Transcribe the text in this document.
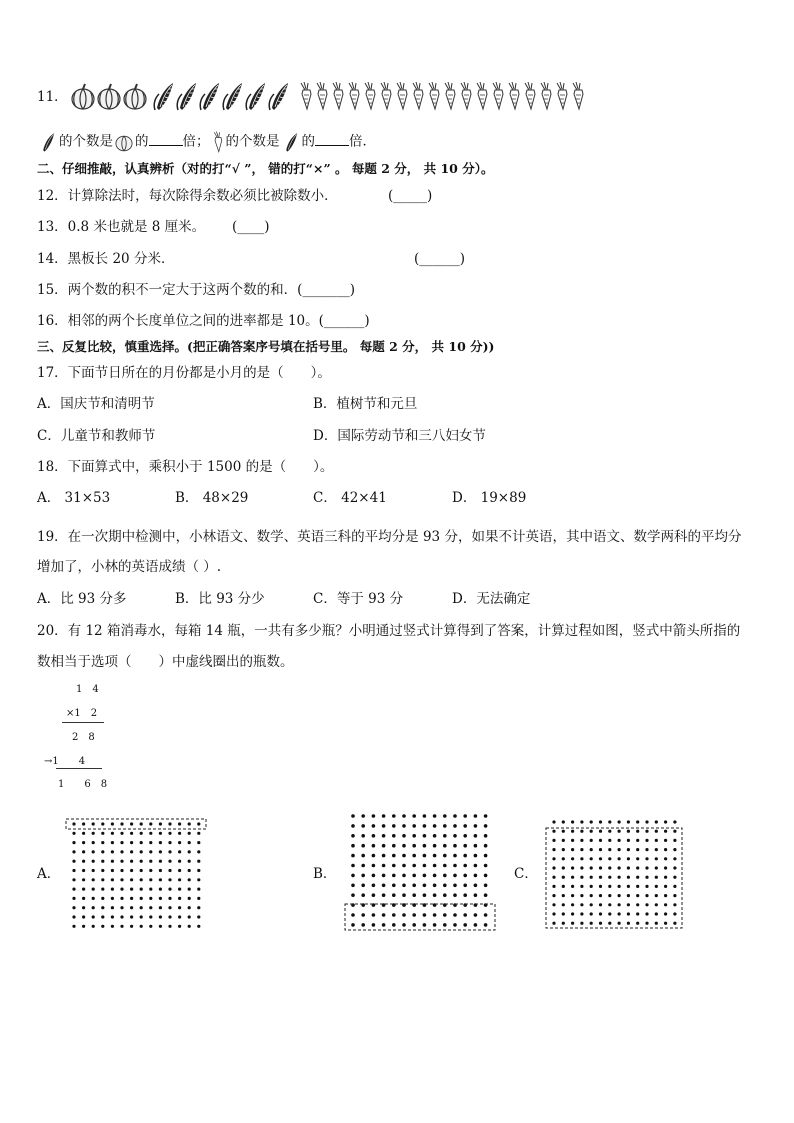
11．

的个数是 的	倍； 的个数是 的	倍．
二、仔细推敲，认真辨析（对的打“√ ”， 错的打“×” 。 每题 2 分， 共 10 分）。
12．计算除法时，每次除得余数必须比被除数小．	(_____)
13．0.8 米也就是 8 厘米。 (____)
14．黑板长 20 分米．	(______)
15．两个数的积不一定大于这两个数的和．(_______)
16．相邻的两个长度单位之间的进率都是 10。(______)
三、反复比较，慎重选择。(把正确答案序号填在括号里。 每题 2 分， 共 10 分))
17．下面节日所在的月份都是小月的是（　　）。
A．国庆节和清明节	B．植树节和元旦
C．儿童节和教师节	D．国际劳动节和三八妇女节
18．下面算式中，乘积小于 1500 的是（　　）。
A． 31×53	B． 48×29	C． 42×41	D． 19×89
19．在一次期中检测中，小林语文、数学、英语三科的平均分是 93 分，如果不计英语，其中语文、数学两科的平均分
增加了，小林的英语成绩（ ）.
A．比 93 分多	B．比 93 分少	C．等于 93 分	D．无法确定
20．有 12 箱消毒水，每箱 14 瓶，一共有多少瓶？小明通过竖式计算得到了答案，计算过程如图，竖式中箭头所指的
数相当于选项（　　）中虚线圈出的瓶数。
1　4
×1　2
2　8
→1　　4
1　　6　8
A．	B．	C．
